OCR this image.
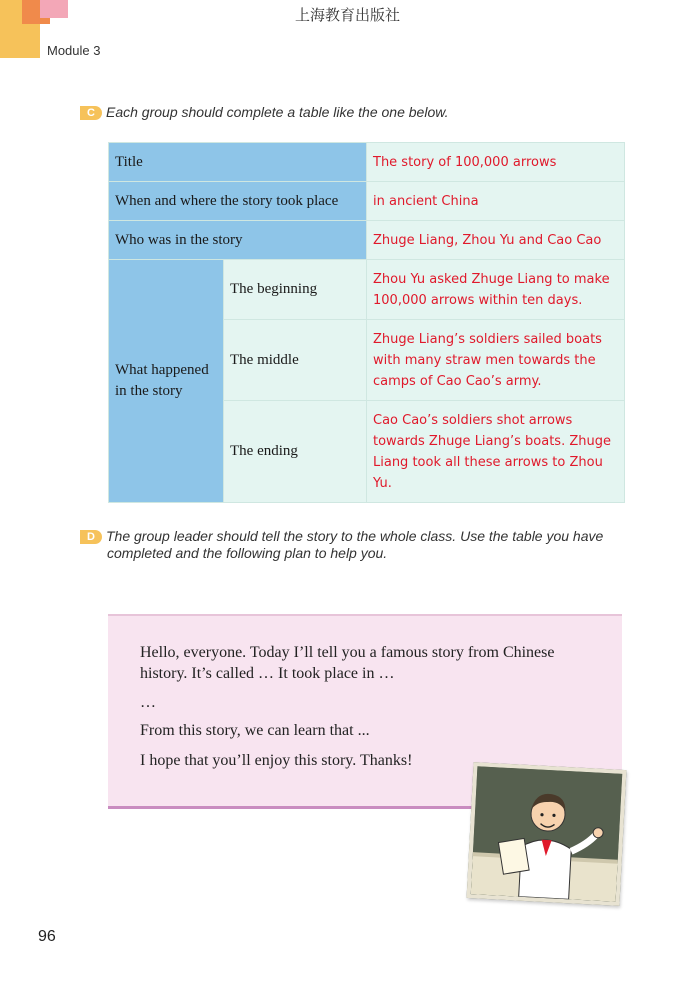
上海教育出版社
Module 3
C Each group should complete a table like the one below.
Title		The story of 100,000 arrows
When and where the story took place		in ancient China
Who was in the story		Zhuge Liang, Zhou Yu and Cao Cao
What happened in the story	The beginning	Zhou Yu asked Zhuge Liang to make 100,000 arrows within ten days.
	The middle	Zhuge Liang’s soldiers sailed boats with many straw men towards the camps of Cao Cao’s army.
	The ending	Cao Cao’s soldiers shot arrows towards Zhuge Liang’s boats. Zhuge Liang took all these arrows to Zhou Yu.
D The group leader should tell the story to the whole class. Use the table you have
completed and the following plan to help you.

Hello, everyone. Today I’ll tell you a famous story from Chinese

history. It’s called … It took place in …

…

From this story, we can learn that ...

I hope that you’ll enjoy this story. Thanks!

96
